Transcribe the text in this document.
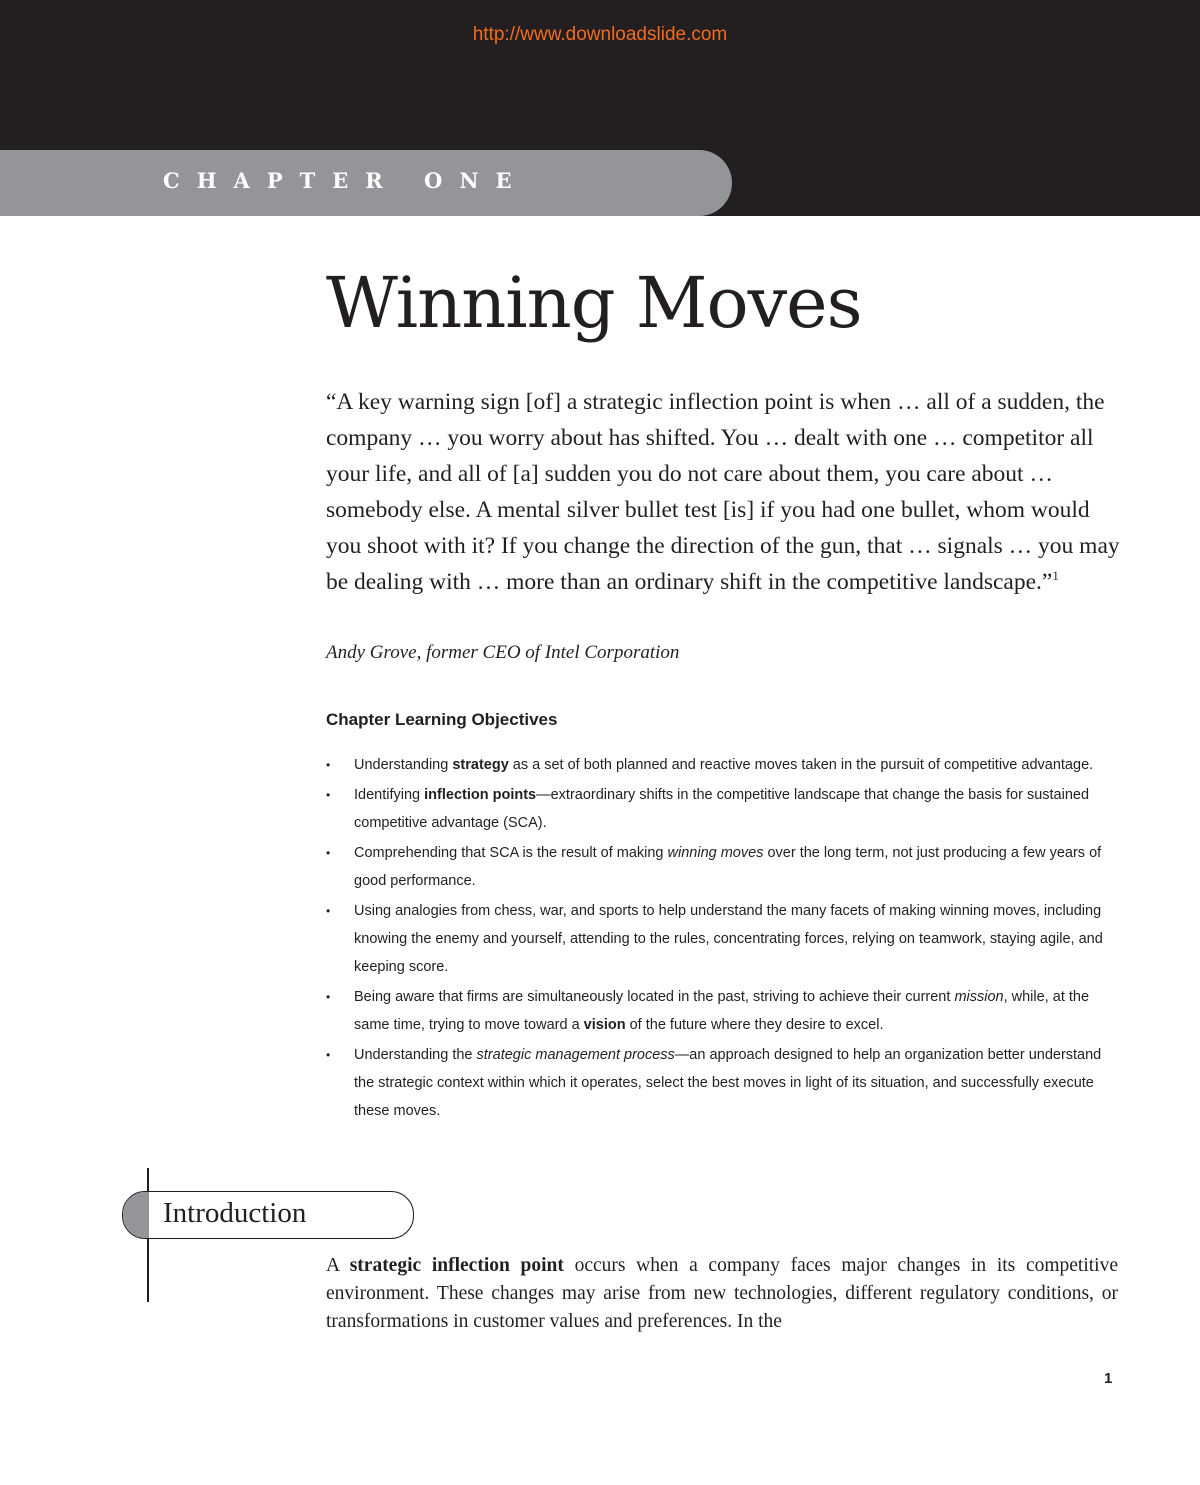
http://www.downloadslide.com
CHAPTER ONE
Winning Moves

“A key warning sign [of] a strategic inflection point is when … all of a sudden, the company … you worry about has shifted. You … dealt with one … competitor all your life, and all of [a] sudden you do not care about them, you care about … somebody else. A mental silver bullet test [is] if you had one bullet, whom would you shoot with it? If you change the direction of the gun, that … signals … you may be dealing with … more than an ordinary shift in the competitive landscape.”$^1$

Andy Grove, former CEO of Intel Corporation

Chapter Learning Objectives
• Understanding strategy as a set of both planned and reactive moves taken in the pursuit of competitive advantage.
• Identifying inflection points—extraordinary shifts in the competitive landscape that change the basis for sustained competitive advantage (SCA).
• Comprehending that SCA is the result of making winning moves over the long term, not just producing a few years of good performance.
• Using analogies from chess, war, and sports to help understand the many facets of making winning moves, including knowing the enemy and yourself, attending to the rules, concentrating forces, relying on teamwork, staying agile, and keeping score.
• Being aware that firms are simultaneously located in the past, striving to achieve their current mission, while, at the same time, trying to move toward a vision of the future where they desire to excel.
• Understanding the strategic management process—an approach designed to help an organization better understand the strategic context within which it operates, select the best moves in light of its situation, and successfully execute these moves.
Introduction

A strategic inflection point occurs when a company faces major changes in its competitive environment. These changes may arise from new technologies, different regulatory conditions, or transformations in customer values and preferences. In the

1
